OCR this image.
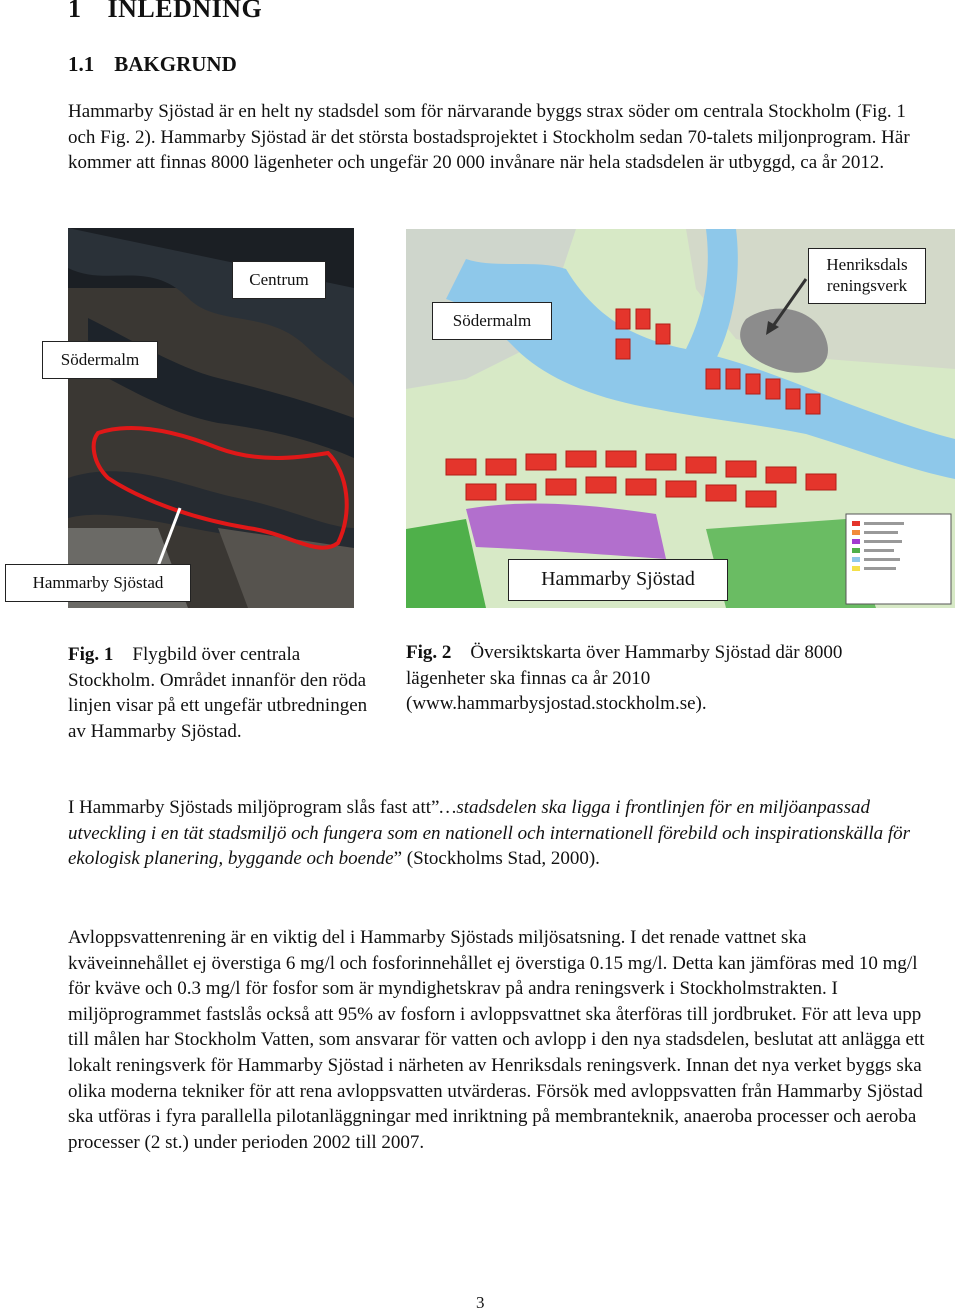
1 INLEDNING
1.1 BAKGRUND
Hammarby Sjöstad är en helt ny stadsdel som för närvarande byggs strax söder om centrala Stockholm (Fig. 1 och Fig. 2). Hammarby Sjöstad är det största bostadsprojektet i Stockholm sedan 70-talets miljonprogram. Här kommer att finnas 8000 lägenheter och ungefär 20 000 invånare när hela stadsdelen är utbyggd, ca år 2012.
Centrum
Södermalm
Hammarby Sjöstad
Henriksdals
reningsverk
Södermalm
Hammarby Sjöstad
Fig. 1 Flygbild över centrala Stockholm. Området innanför den röda linjen visar på ett ungefär utbredningen av Hammarby Sjöstad.
Fig. 2 Översiktskarta över Hammarby Sjöstad där 8000 lägenheter ska finnas ca år 2010 (www.hammarbysjostad.stockholm.se).
I Hammarby Sjöstads miljöprogram slås fast att”…stadsdelen ska ligga i frontlinjen för en miljöanpassad utveckling i en tät stadsmiljö och fungera som en nationell och internationell förebild och inspirationskälla för ekologisk planering, byggande och boende” (Stockholms Stad, 2000).
Avloppsvattenrening är en viktig del i Hammarby Sjöstads miljösatsning. I det renade vattnet ska kväveinnehållet ej överstiga 6 mg/l och fosforinnehållet ej överstiga 0.15 mg/l. Detta kan jämföras med 10 mg/l för kväve och 0.3 mg/l för fosfor som är myndighetskrav på andra reningsverk i Stockholmstrakten. I miljöprogrammet fastslås också att 95% av fosforn i avloppsvattnet ska återföras till jordbruket. För att leva upp till målen har Stockholm Vatten, som ansvarar för vatten och avlopp i den nya stadsdelen, beslutat att anlägga ett lokalt reningsverk för Hammarby Sjöstad i närheten av Henriksdals reningsverk. Innan det nya verket byggs ska olika moderna tekniker för att rena avloppsvatten utvärderas. Försök med avloppsvatten från Hammarby Sjöstad ska utföras i fyra parallella pilotanläggningar med inriktning på membranteknik, anaeroba processer och aeroba processer (2 st.) under perioden 2002 till 2007.
3
